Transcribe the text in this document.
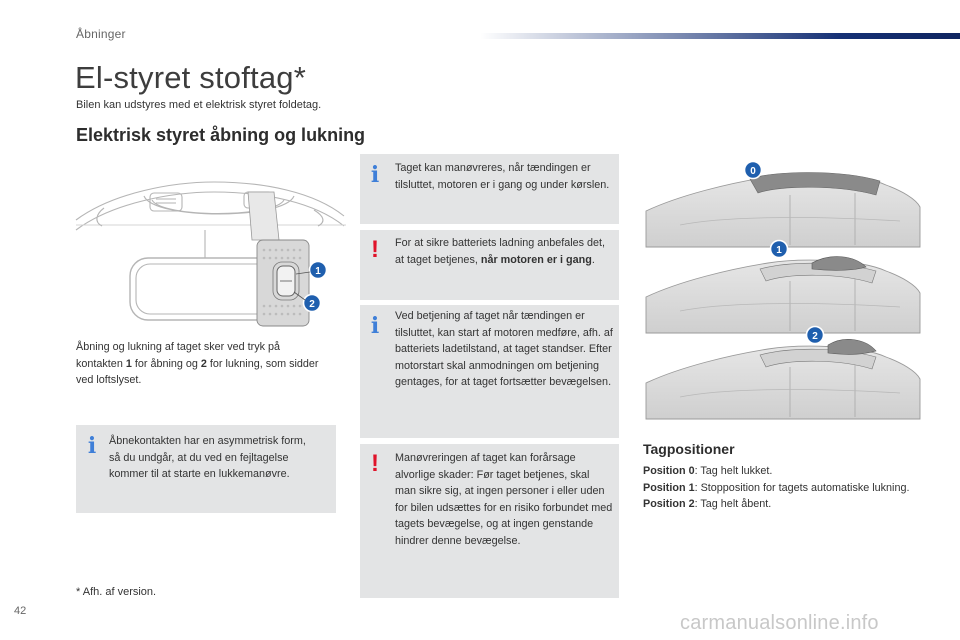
Åbninger
El-styret stoftag*
Bilen kan udstyres med et elektrisk styret foldetag.
Elektrisk styret åbning og lukning
1
2
Åbning og lukning af taget sker ved tryk på kontakten 1 for åbning og 2 for lukning, som sidder ved loftslyset.
i Åbnekontakten har en asymmetrisk form, så du undgår, at du ved en fejltagelse kommer til at starte en lukkemanøvre.
i Taget kan manøvreres, når tændingen er tilsluttet, motoren er i gang og under kørslen.
! For at sikre batteriets ladning anbefales det, at taget betjenes, når motoren er i gang.
i Ved betjening af taget når tændingen er tilsluttet, kan start af motoren medføre, afh. af batteriets ladetilstand, at taget standser. Efter motorstart skal anmodningen om betjening gentages, for at taget fortsætter bevægelsen.
! Manøvreringen af taget kan forårsage alvorlige skader: Før taget betjenes, skal man sikre sig, at ingen personer i eller uden for bilen udsættes for en risiko forbundet med tagets bevægelse, og at ingen genstande hindrer denne bevægelse.
0
1
2
Tagpositioner
Position 0: Tag helt lukket.
Position 1: Stopposition for tagets automatiske lukning.
Position 2: Tag helt åbent.
* Afh. af version.
42
carmanualsonline.info
